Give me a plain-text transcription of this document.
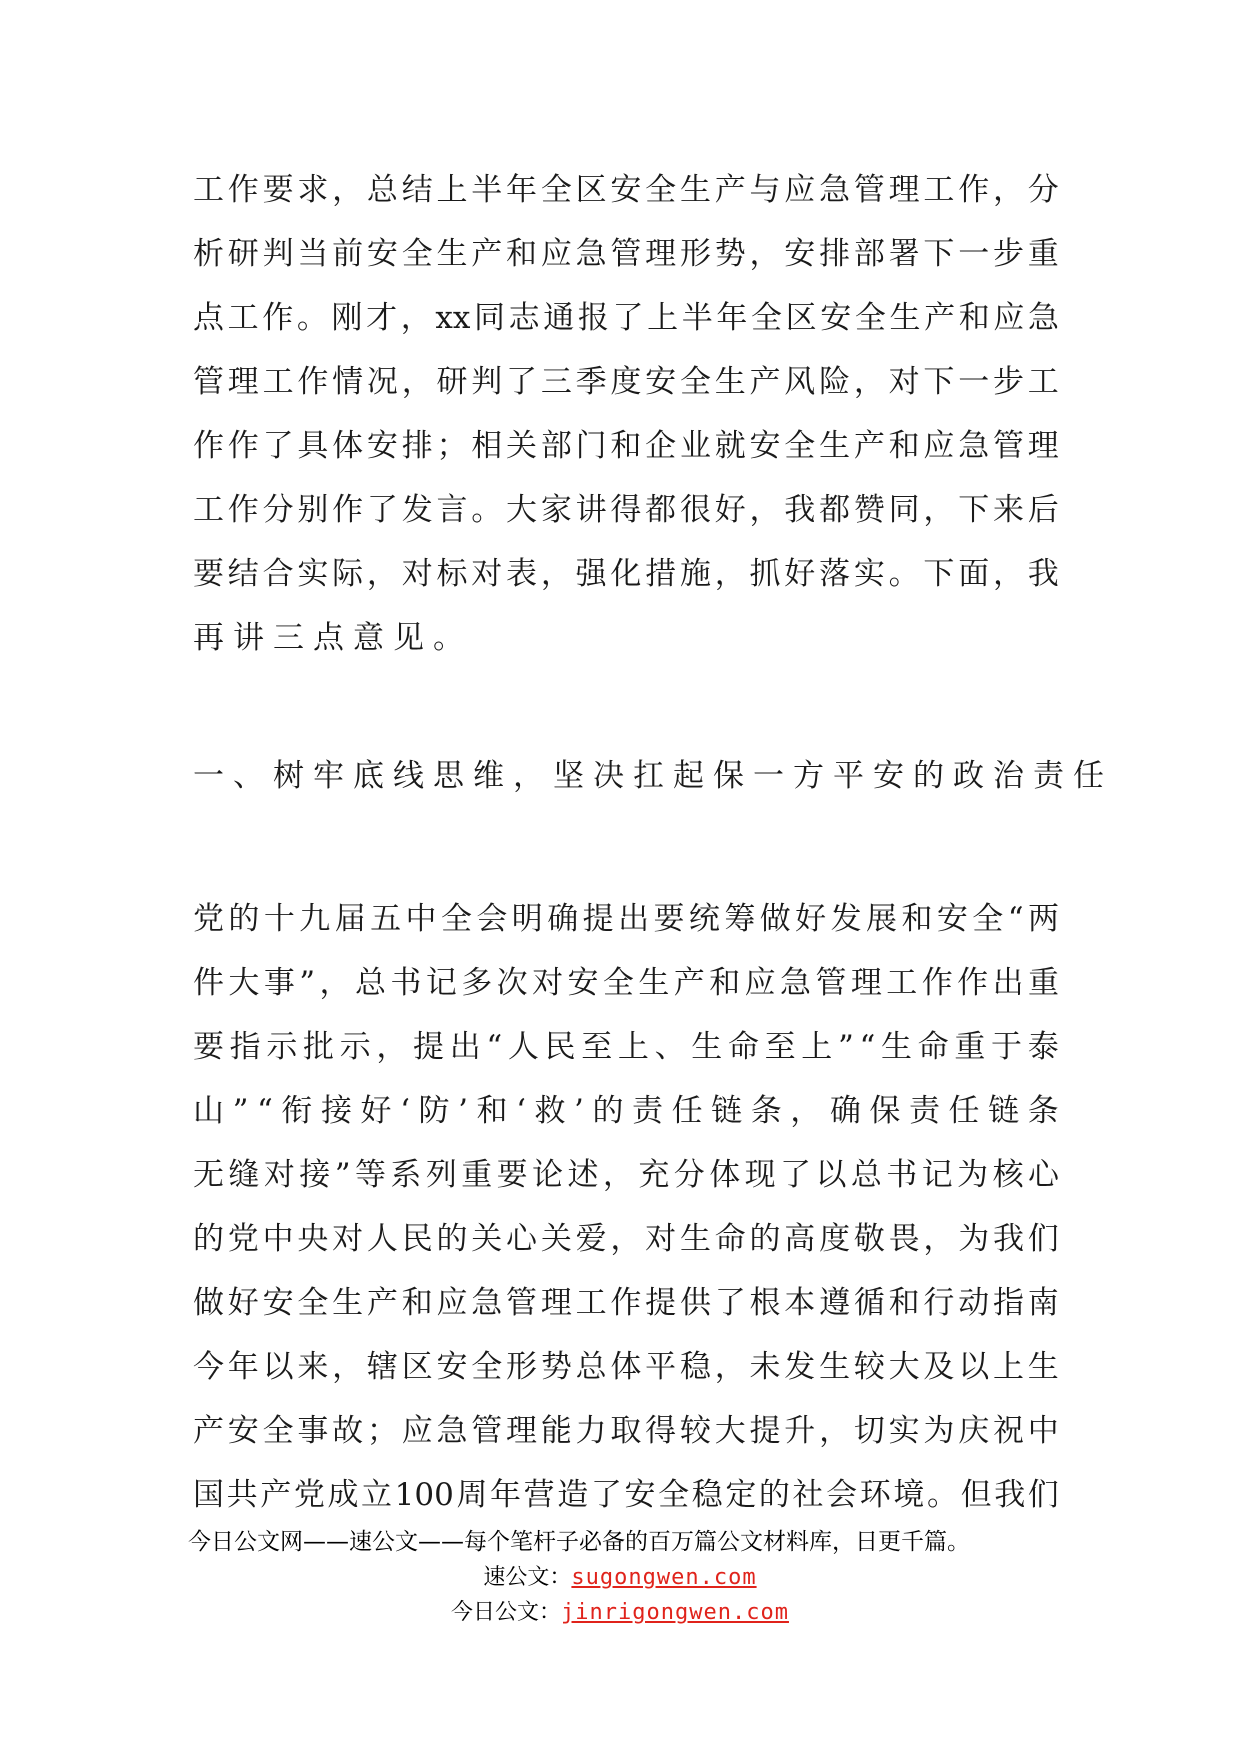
工 作 要 求 ， 总 结 上 半 年 全 区 安 全 生 产 与 应 急 管 理 工 作 ， 分
析 研 判 当 前 安 全 生 产 和 应 急 管 理 形 势 ， 安 排 部 署 下 一 步 重
点 工 作 。 刚 才 ， xx 同 志 通 报 了 上 半 年 全 区 安 全 生 产 和 应 急
管 理 工 作 情 况 ， 研 判 了 三 季 度 安 全 生 产 风 险 ， 对 下 一 步 工
作 作 了 具 体 安 排 ； 相 关 部 门 和 企 业 就 安 全 生 产 和 应 急 管 理
工 作 分 别 作 了 发 言 。 大 家 讲 得 都 很 好 ， 我 都 赞 同 ， 下 来 后
要 结 合 实 际 ， 对 标 对 表 ， 强 化 措 施 ， 抓 好 落 实 。 下 面 ， 我
再 讲 三 点 意 见 。
一 、 树 牢 底 线 思 维 ， 坚 决 扛 起 保 一 方 平 安 的 政 治 责 任
党 的 十 九 届 五 中 全 会 明 确 提 出 要 统 筹 做 好 发 展 和 安 全 “ 两
件 大 事 ” ， 总 书 记 多 次 对 安 全 生 产 和 应 急 管 理 工 作 作 出 重
要 指 示 批 示 ， 提 出 “ 人 民 至 上 、 生 命 至 上 ” “ 生 命 重 于 泰
山 ” “ 衔 接 好 ‘ 防 ’ 和 ‘ 救 ’ 的 责 任 链 条 ， 确 保 责 任 链 条
无 缝 对 接 ” 等 系 列 重 要 论 述 ， 充 分 体 现 了 以 总 书 记 为 核 心
的 党 中 央 对 人 民 的 关 心 关 爱 ， 对 生 命 的 高 度 敬 畏 ， 为 我 们
做 好 安 全 生 产 和 应 急 管 理 工 作 提 供 了 根 本 遵 循 和 行 动 指 南
今 年 以 来 ， 辖 区 安 全 形 势 总 体 平 稳 ， 未 发 生 较 大 及 以 上 生
产 安 全 事 故 ； 应 急 管 理 能 力 取 得 较 大 提 升 ， 切 实 为 庆 祝 中
国 共 产 党 成 立 100 周 年 营 造 了 安 全 稳 定 的 社 会 环 境 。 但 我 们
今日公文网——速公文——每个笔杆子必备的百万篇公文材料库，日更千篇。
速公文：sugongwen.com
今日公文：jinrigongwen.com
